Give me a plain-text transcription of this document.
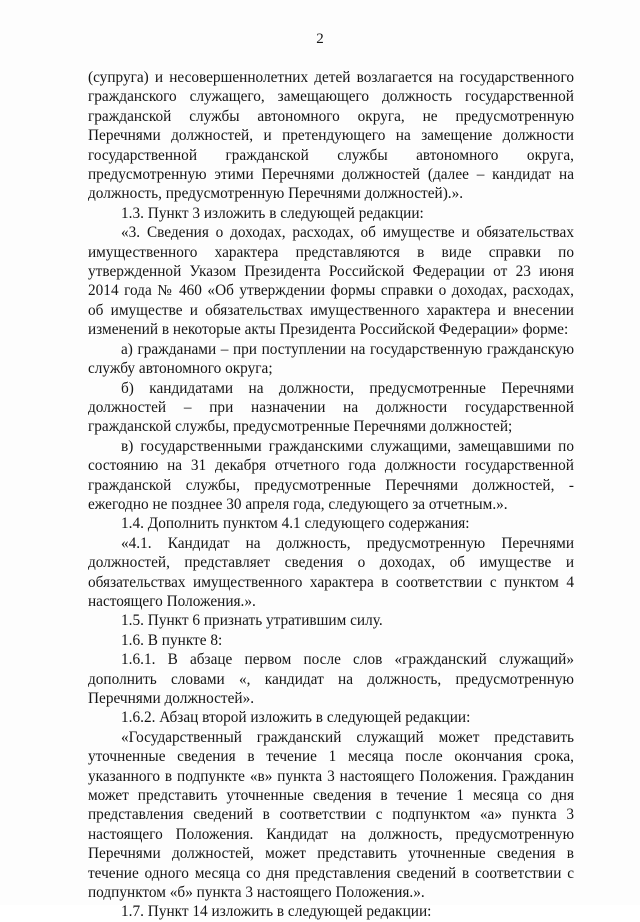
2

(супруга) и несовершеннолетних детей возлагается на государственного гражданского служащего, замещающего должность государственной гражданской службы автономного округа, не предусмотренную Перечнями должностей, и претендующего на замещение должности государственной гражданской службы автономного округа, предусмотренную этими Перечнями должностей (далее – кандидат на должность, предусмотренную Перечнями должностей).».

1.3. Пункт 3 изложить в следующей редакции:

«3. Сведения о доходах, расходах, об имуществе и обязательствах имущественного характера представляются в виде справки по утвержденной Указом Президента Российской Федерации от 23 июня 2014 года № 460 «Об утверждении формы справки о доходах, расходах, об имуществе и обязательствах имущественного характера и внесении изменений в некоторые акты Президента Российской Федерации» форме:

а) гражданами – при поступлении на государственную гражданскую службу автономного округа;

б) кандидатами на должности, предусмотренные Перечнями должностей – при назначении на должности государственной гражданской службы, предусмотренные Перечнями должностей;

в) государственными гражданскими служащими, замещавшими по состоянию на 31 декабря отчетного года должности государственной гражданской службы, предусмотренные Перечнями должностей, - ежегодно не позднее 30 апреля года, следующего за отчетным.».

1.4. Дополнить пунктом 4.1 следующего содержания:

«4.1. Кандидат на должность, предусмотренную Перечнями должностей, представляет сведения о доходах, об имуществе и обязательствах имущественного характера в соответствии с пунктом 4 настоящего Положения.».

1.5. Пункт 6 признать утратившим силу.

1.6. В пункте 8:

1.6.1. В абзаце первом после слов «гражданский служащий» дополнить словами «, кандидат на должность, предусмотренную Перечнями должностей».

1.6.2. Абзац второй изложить в следующей редакции:

«Государственный гражданский служащий может представить уточненные сведения в течение 1 месяца после окончания срока, указанного в подпункте «в» пункта 3 настоящего Положения. Гражданин может представить уточненные сведения в течение 1 месяца со дня представления сведений в соответствии с подпунктом «а» пункта 3 настоящего Положения. Кандидат на должность, предусмотренную Перечнями должностей, может представить уточненные сведения в течение одного месяца со дня представления сведений в соответствии с подпунктом «б» пункта 3 настоящего Положения.».

1.7. Пункт 14 изложить в следующей редакции:
